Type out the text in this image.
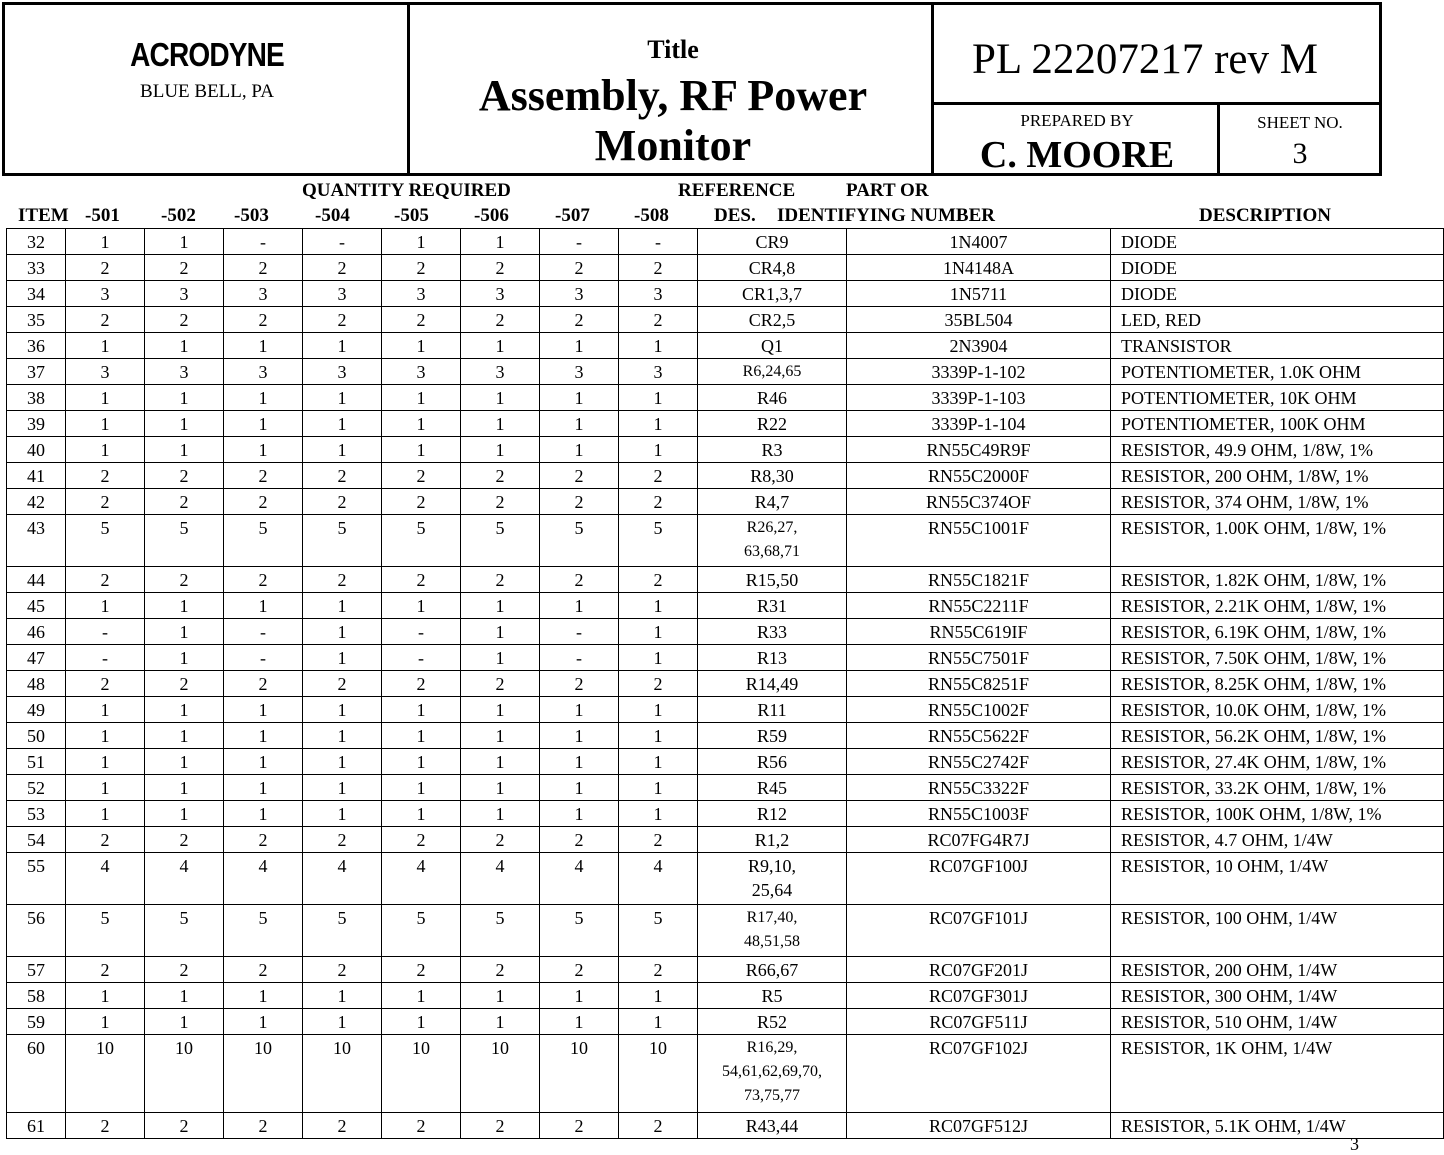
ACRODYNE
BLUE BELL, PA
Title
Assembly, RF Power
Monitor
PL 22207217 rev M
PREPARED BY
C. MOORE
SHEET NO.
3
QUANTITY REQUIRED	REFERENCE	PART OR
ITEM -501 -502 -503 -504 -505 -506 -507 -508 DES. IDENTIFYING NUMBER	DESCRIPTION
32	1	1	-	-	1	1	-	-	CR9	1N4007	DIODE
33	2	2	2	2	2	2	2	2	CR4,8	1N4148A	DIODE
34	3	3	3	3	3	3	3	3	CR1,3,7	1N5711	DIODE
35	2	2	2	2	2	2	2	2	CR2,5	35BL504	LED, RED
36	1	1	1	1	1	1	1	1	Q1	2N3904	TRANSISTOR
37	3	3	3	3	3	3	3	3	R6,24,65	3339P-1-102	POTENTIOMETER, 1.0K OHM
38	1	1	1	1	1	1	1	1	R46	3339P-1-103	POTENTIOMETER, 10K OHM
39	1	1	1	1	1	1	1	1	R22	3339P-1-104	POTENTIOMETER, 100K OHM
40	1	1	1	1	1	1	1	1	R3	RN55C49R9F	RESISTOR, 49.9 OHM, 1/8W, 1%
41	2	2	2	2	2	2	2	2	R8,30	RN55C2000F	RESISTOR, 200 OHM, 1/8W, 1%
42	2	2	2	2	2	2	2	2	R4,7	RN55C374OF	RESISTOR, 374 OHM, 1/8W, 1%
43	5	5	5	5	5	5	5	5	R26,27,
63,68,71	RN55C1001F	RESISTOR, 1.00K OHM, 1/8W, 1%
44	2	2	2	2	2	2	2	2	R15,50	RN55C1821F	RESISTOR, 1.82K OHM, 1/8W, 1%
45	1	1	1	1	1	1	1	1	R31	RN55C2211F	RESISTOR, 2.21K OHM, 1/8W, 1%
46	-	1	-	1	-	1	-	1	R33	RN55C619IF	RESISTOR, 6.19K OHM, 1/8W, 1%
47	-	1	-	1	-	1	-	1	R13	RN55C7501F	RESISTOR, 7.50K OHM, 1/8W, 1%
48	2	2	2	2	2	2	2	2	R14,49	RN55C8251F	RESISTOR, 8.25K OHM, 1/8W, 1%
49	1	1	1	1	1	1	1	1	R11	RN55C1002F	RESISTOR, 10.0K OHM, 1/8W, 1%
50	1	1	1	1	1	1	1	1	R59	RN55C5622F	RESISTOR, 56.2K OHM, 1/8W, 1%
51	1	1	1	1	1	1	1	1	R56	RN55C2742F	RESISTOR, 27.4K OHM, 1/8W, 1%
52	1	1	1	1	1	1	1	1	R45	RN55C3322F	RESISTOR, 33.2K OHM, 1/8W, 1%
53	1	1	1	1	1	1	1	1	R12	RN55C1003F	RESISTOR, 100K OHM, 1/8W, 1%
54	2	2	2	2	2	2	2	2	R1,2	RC07FG4R7J	RESISTOR, 4.7 OHM, 1/4W
55	4	4	4	4	4	4	4	4	R9,10,
25,64	RC07GF100J	RESISTOR, 10 OHM, 1/4W
56	5	5	5	5	5	5	5	5	R17,40,
48,51,58	RC07GF101J	RESISTOR, 100 OHM, 1/4W
57	2	2	2	2	2	2	2	2	R66,67	RC07GF201J	RESISTOR, 200 OHM, 1/4W
58	1	1	1	1	1	1	1	1	R5	RC07GF301J	RESISTOR, 300 OHM, 1/4W
59	1	1	1	1	1	1	1	1	R52	RC07GF511J	RESISTOR, 510 OHM, 1/4W
60	10	10	10	10	10	10	10	10	R16,29,
54,61,62,69,70,
73,75,77	RC07GF102J	RESISTOR, 1K OHM, 1/4W
61	2	2	2	2	2	2	2	2	R43,44	RC07GF512J	RESISTOR, 5.1K OHM, 1/4W
3
